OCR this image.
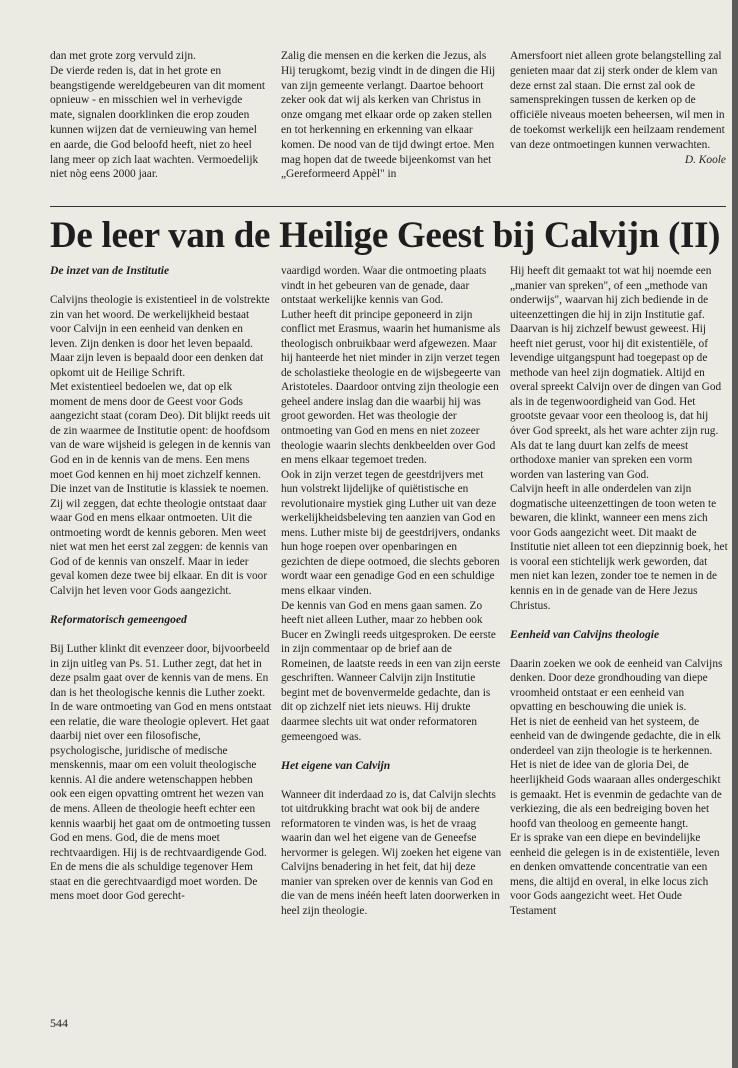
dan met grote zorg vervuld zijn.

De vierde reden is, dat in het grote en beangstigende wereldgebeuren van dit moment opnieuw - en misschien wel in verhevigde mate, signalen doorklinken die erop zouden kunnen wijzen dat de vernieuwing van hemel en aarde, die God beloofd heeft, niet zo heel lang meer op zich laat wachten. Vermoedelijk niet nòg eens 2000 jaar.

Zalig die mensen en die kerken die Jezus, als Hij terugkomt, bezig vindt in de dingen die Hij van zijn gemeente verlangt. Daartoe behoort zeker ook dat wij als kerken van Christus in onze omgang met elkaar orde op zaken stellen en tot herkenning en erkenning van elkaar komen. De nood van de tijd dwingt ertoe. Men mag hopen dat de tweede bijeenkomst van het „Gereformeerd Appèl" in

Amersfoort niet alleen grote belangstelling zal genieten maar dat zij sterk onder de klem van deze ernst zal staan. Die ernst zal ook de samensprekingen tussen de kerken op de officiële niveaus moeten beheersen, wil men in de toekomst werkelijk een heilzaam rendement van deze ontmoetingen kunnen verwachten.

D. Koole

De leer van de Heilige Geest bij Calvijn (II)
De inzet van de Institutie

Calvijns theologie is existentieel in de volstrekte zin van het woord. De werkelijkheid bestaat voor Calvijn in een eenheid van denken en leven. Zijn denken is door het leven bepaald. Maar zijn leven is bepaald door een denken dat opkomt uit de Heilige Schrift.

Met existentieel bedoelen we, dat op elk moment de mens door de Geest voor Gods aangezicht staat (coram Deo). Dit blijkt reeds uit de zin waarmee de Institutie opent: de hoofdsom van de ware wijsheid is gelegen in de kennis van God en in de kennis van de mens. Een mens moet God kennen en hij moet zichzelf kennen. Die inzet van de Institutie is klassiek te noemen. Zij wil zeggen, dat echte theologie ontstaat daar waar God en mens elkaar ontmoeten. Uit die ontmoeting wordt de kennis geboren. Men weet niet wat men het eerst zal zeggen: de kennis van God of de kennis van onszelf. Maar in ieder geval komen deze twee bij elkaar. En dit is voor Calvijn het leven voor Gods aangezicht.

Reformatorisch gemeengoed

Bij Luther klinkt dit evenzeer door, bijvoorbeeld in zijn uitleg van Ps. 51. Luther zegt, dat het in deze psalm gaat over de kennis van de mens. En dan is het theologische kennis die Luther zoekt. In de ware ontmoeting van God en mens ontstaat een relatie, die ware theologie oplevert. Het gaat daarbij niet over een filosofische, psychologische, juridische of medische menskennis, maar om een voluit theologische kennis. Al die andere wetenschappen hebben ook een eigen opvatting omtrent het wezen van de mens. Alleen de theologie heeft echter een kennis waarbij het gaat om de ontmoeting tussen God en mens. God, die de mens moet rechtvaardigen. Hij is de rechtvaardigende God. En de mens die als schuldige tegenover Hem staat en die gerechtvaardigd moet worden. De mens moet door God gerecht-

vaardigd worden. Waar die ontmoeting plaats vindt in het gebeuren van de genade, daar ontstaat werkelijke kennis van God.

Luther heeft dit principe geponeerd in zijn conflict met Erasmus, waarin het humanisme als theologisch onbruikbaar werd afgewezen. Maar hij hanteerde het niet minder in zijn verzet tegen de scholastieke theologie en de wijsbegeerte van Aristoteles. Daardoor ontving zijn theologie een geheel andere inslag dan die waarbij hij was groot geworden. Het was theologie der ontmoeting van God en mens en niet zozeer theologie waarin slechts denkbeelden over God en mens elkaar tegemoet treden.

Ook in zijn verzet tegen de geestdrijvers met hun volstrekt lijdelijke of quiëtistische en revolutionaire mystiek ging Luther uit van deze werkelijkheidsbeleving ten aanzien van God en mens. Luther miste bij de geestdrijvers, ondanks hun hoge roepen over openbaringen en gezichten de diepe ootmoed, die slechts geboren wordt waar een genadige God en een schuldige mens elkaar vinden.

De kennis van God en mens gaan samen. Zo heeft niet alleen Luther, maar zo hebben ook Bucer en Zwingli reeds uitgesproken. De eerste in zijn commentaar op de brief aan de Romeinen, de laatste reeds in een van zijn eerste geschriften. Wanneer Calvijn zijn Institutie begint met de bovenvermelde gedachte, dan is dit op zichzelf niet iets nieuws. Hij drukte daarmee slechts uit wat onder reformatoren gemeengoed was.

Het eigene van Calvijn

Wanneer dit inderdaad zo is, dat Calvijn slechts tot uitdrukking bracht wat ook bij de andere reformatoren te vinden was, is het de vraag waarin dan wel het eigene van de Geneefse hervormer is gelegen. Wij zoeken het eigene van Calvijns benadering in het feit, dat hij deze manier van spreken over de kennis van God en die van de mens inéén heeft laten doorwerken in heel zijn theologie.

Hij heeft dit gemaakt tot wat hij noemde een „manier van spreken", of een „methode van onderwijs", waarvan hij zich bediende in de uiteenzettingen die hij in zijn Institutie gaf.

Daarvan is hij zichzelf bewust geweest. Hij heeft niet gerust, voor hij dit existentiële, of levendige uitgangspunt had toegepast op de methode van heel zijn dogmatiek. Altijd en overal spreekt Calvijn over de dingen van God als in de tegenwoordigheid van God. Het grootste gevaar voor een theoloog is, dat hij óver God spreekt, als het ware achter zijn rug. Als dat te lang duurt kan zelfs de meest orthodoxe manier van spreken een vorm worden van lastering van God.

Calvijn heeft in alle onderdelen van zijn dogmatische uiteenzettingen de toon weten te bewaren, die klinkt, wanneer een mens zich voor Gods aangezicht weet. Dit maakt de Institutie niet alleen tot een diepzinnig boek, het is vooral een stichtelijk werk geworden, dat men niet kan lezen, zonder toe te nemen in de kennis en in de genade van de Here Jezus Christus.

Eenheid van Calvijns theologie

Daarin zoeken we ook de eenheid van Calvijns denken. Door deze grondhouding van diepe vroomheid ontstaat er een eenheid van opvatting en beschouwing die uniek is.

Het is niet de eenheid van het systeem, de eenheid van de dwingende gedachte, die in elk onderdeel van zijn theologie is te herkennen.

Het is niet de idee van de gloria Dei, de heerlijkheid Gods waaraan alles ondergeschikt is gemaakt. Het is evenmin de gedachte van de verkiezing, die als een bedreiging boven het hoofd van theoloog en gemeente hangt.

Er is sprake van een diepe en bevindelijke eenheid die gelegen is in de existentiële, leven en denken omvattende concentratie van een mens, die altijd en overal, in elke locus zich voor Gods aangezicht weet. Het Oude Testament

544
